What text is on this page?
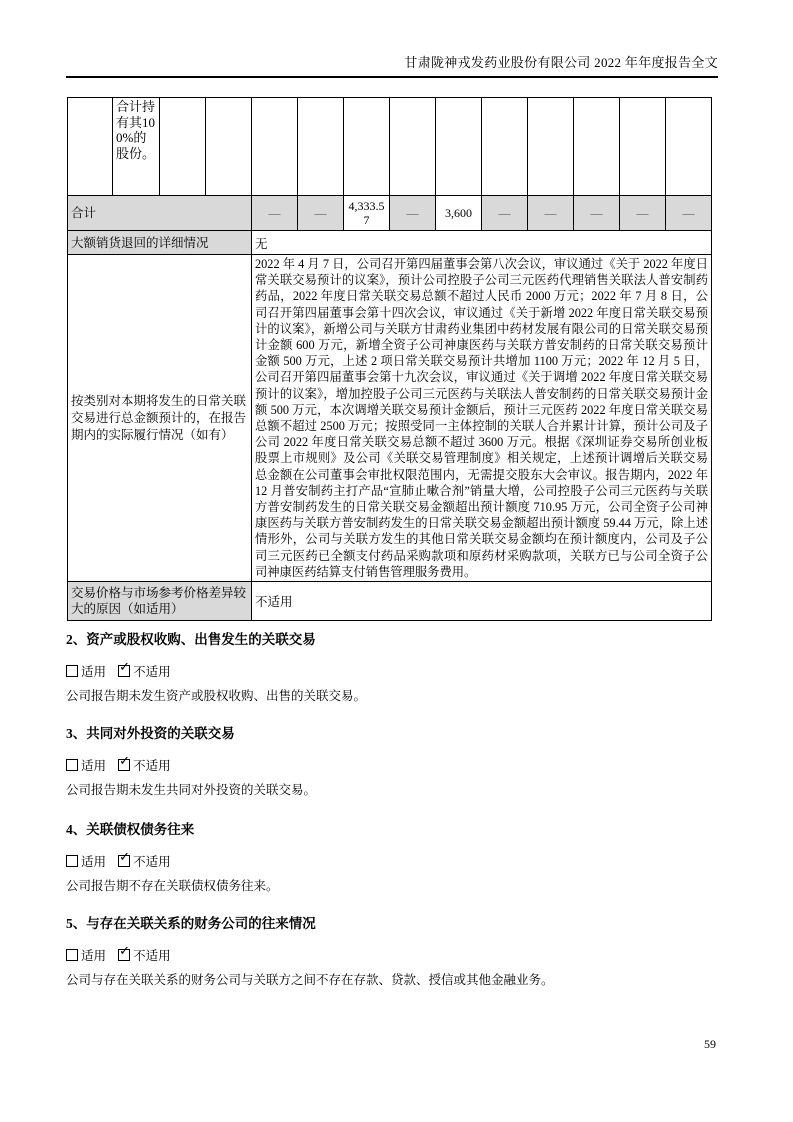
甘肃陇神戎发药业股份有限公司 2022 年年度报告全文
	合计持有其100%的股份。												
合计				—	—	4,333.57	—	3,600	—	—	—	—	—
大额销货退回的详细情况				无									
按类别对本期将发生的日常关联交易进行总金额预计的，在报告期内的实际履行情况（如有）				2022 年 4 月 7 日，公司召开第四届董事会第八次会议，审议通过《关于 2022 年度日常关联交易预计的议案》，预计公司控股子公司三元医药代理销售关联法人普安制药药品，2022 年度日常关联交易总额不超过人民币 2000 万元；2022 年 7 月 8 日，公司召开第四届董事会第十四次会议，审议通过《关于新增 2022 年度日常关联交易预计的议案》，新增公司与关联方甘肃药业集团中药材发展有限公司的日常关联交易预计金额 600 万元，新增全资子公司神康医药与关联方普安制药的日常关联交易预计金额 500 万元，上述 2 项日常关联交易预计共增加 1100 万元；2022 年 12 月 5 日，公司召开第四届董事会第十九次会议，审议通过《关于调增 2022 年度日常关联交易预计的议案》，增加控股子公司三元医药与关联法人普安制药的日常关联交易预计金额 500 万元，本次调增关联交易预计金额后，预计三元医药 2022 年度日常关联交易总额不超过 2500 万元；按照受同一主体控制的关联人合并累计计算，预计公司及子公司 2022 年度日常关联交易总额不超过 3600 万元。根据《深圳证券交易所创业板股票上市规则》及公司《关联交易管理制度》相关规定，上述预计调增后关联交易总金额在公司董事会审批权限范围内，无需提交股东大会审议。报告期内，2022 年 12 月普安制药主打产品“宣肺止嗽合剂”销量大增，公司控股子公司三元医药与关联方普安制药发生的日常关联交易金额超出预计额度 710.95 万元，公司全资子公司神康医药与关联方普安制药发生的日常关联交易金额超出预计额度 59.44 万元，除上述情形外，公司与关联方发生的其他日常关联交易金额均在预计额度内，公司及子公司三元医药已全额支付药品采购款项和原药材采购款项，关联方已与公司全资子公司神康医药结算支付销售管理服务费用。									
交易价格与市场参考价格差异较大的原因（如适用）				不适用									
2、资产或股权收购、出售发生的关联交易
适用 ✓ 不适用
公司报告期未发生资产或股权收购、出售的关联交易。
3、共同对外投资的关联交易
适用 ✓ 不适用
公司报告期未发生共同对外投资的关联交易。
4、关联债权债务往来
适用 ✓ 不适用
公司报告期不存在关联债权债务往来。
5、与存在关联关系的财务公司的往来情况
适用 ✓ 不适用
公司与存在关联关系的财务公司与关联方之间不存在存款、贷款、授信或其他金融业务。
59
